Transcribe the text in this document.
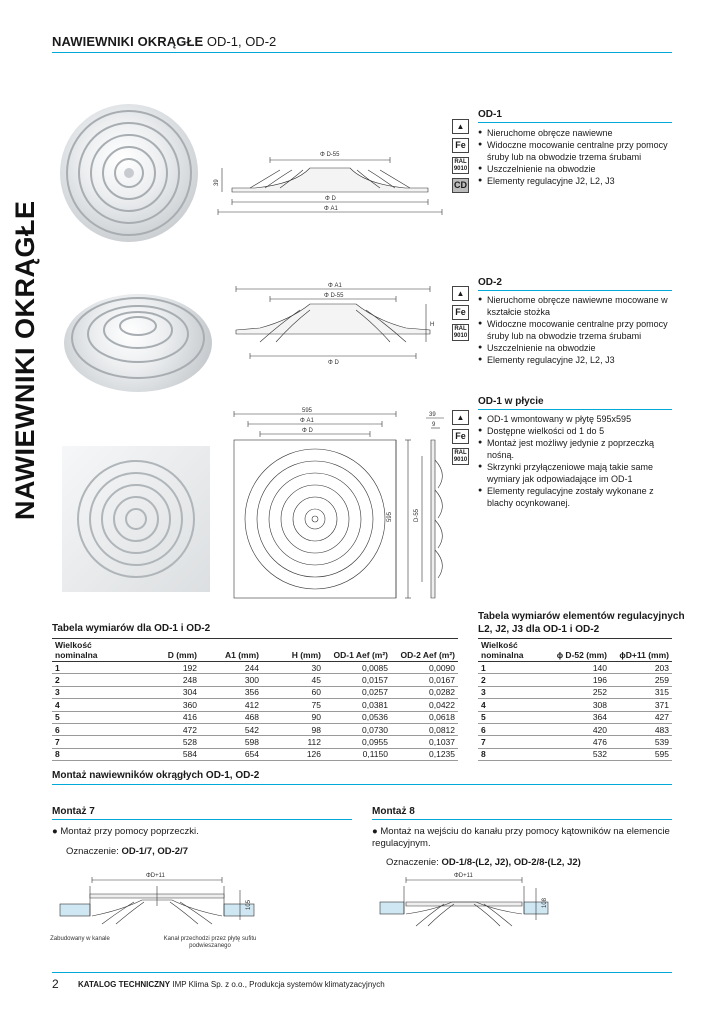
NAWIEWNIKI OKRĄGŁE OD-1, OD-2
NAWIEWNIKI OKRĄGŁE
Φ D-55
39
Φ D
Φ A1
▲
Fe
RAL
9010
CD
OD-1
● Nieruchome obręcze nawiewne
● Widoczne mocowanie centralne przy pomocy śruby lub na obwodzie trzema śrubami
● Uszczelnienie na obwodzie
● Elementy regulacyjne J2, L2, J3
Φ A1
Φ D-55
H
Φ D
▲
Fe
RAL
9010
OD-2
● Nieruchome obręcze nawiewne mocowane w kształcie stożka
● Widoczne mocowanie centralne przy pomocy śruby lub na obwodzie trzema śrubami
● Uszczelnienie na obwodzie
● Elementy regulacyjne J2, L2, J3
595
Φ A1
Φ D
595	D-55
39
9
▲
Fe
RAL
9010
OD-1 w płycie
● OD-1 wmontowany w płytę 595x595
● Dostępne wielkości od 1 do 5
● Montaż jest możliwy jedynie z poprzeczką nośną.
● Skrzynki przyłączeniowe mają takie same wymiary jak odpowiadające im OD-1
● Elementy regulacyjne zostały wykonane z blachy ocynkowanej.
Tabela wymiarów dla OD-1 i OD-2
Wielkość nominalna	D (mm)	A1 (mm)	H (mm)	OD-1 Aef (m²)	OD-2 Aef (m²)
1	192	244	30	0,0085	0,0090
2	248	300	45	0,0157	0,0167
3	304	356	60	0,0257	0,0282
4	360	412	75	0,0381	0,0422
5	416	468	90	0,0536	0,0618
6	472	542	98	0,0730	0,0812
7	528	598	112	0,0955	0,1037
8	584	654	126	0,1150	0,1235
Tabela wymiarów elementów regulacyjnych
L2, J2, J3 dla OD-1 i OD-2
Wielkość nominalna	ϕ D-52 (mm)	ϕD+11 (mm)
1	140	203
2	196	259
3	252	315
4	308	371
5	364	427
6	420	483
7	476	539
8	532	595
Montaż nawiewników okrągłych OD-1, OD-2
Montaż 7
● Montaż przy pomocy poprzeczki.
Oznaczenie: OD-1/7, OD-2/7
ΦD+11
105
Zabudowany w kanale	Kanał przechodzi przez płytę sufitu podwieszanego
Montaż 8
● Montaż na wejściu do kanału przy pomocy kątowników na elemencie regulacyjnym.
Oznaczenie: OD-1/8-(L2, J2), OD-2/8-(L2, J2)
ΦD+11
108
2 KATALOG TECHNICZNY IMP Klima Sp. z o.o., Produkcja systemów klimatyzacyjnych
